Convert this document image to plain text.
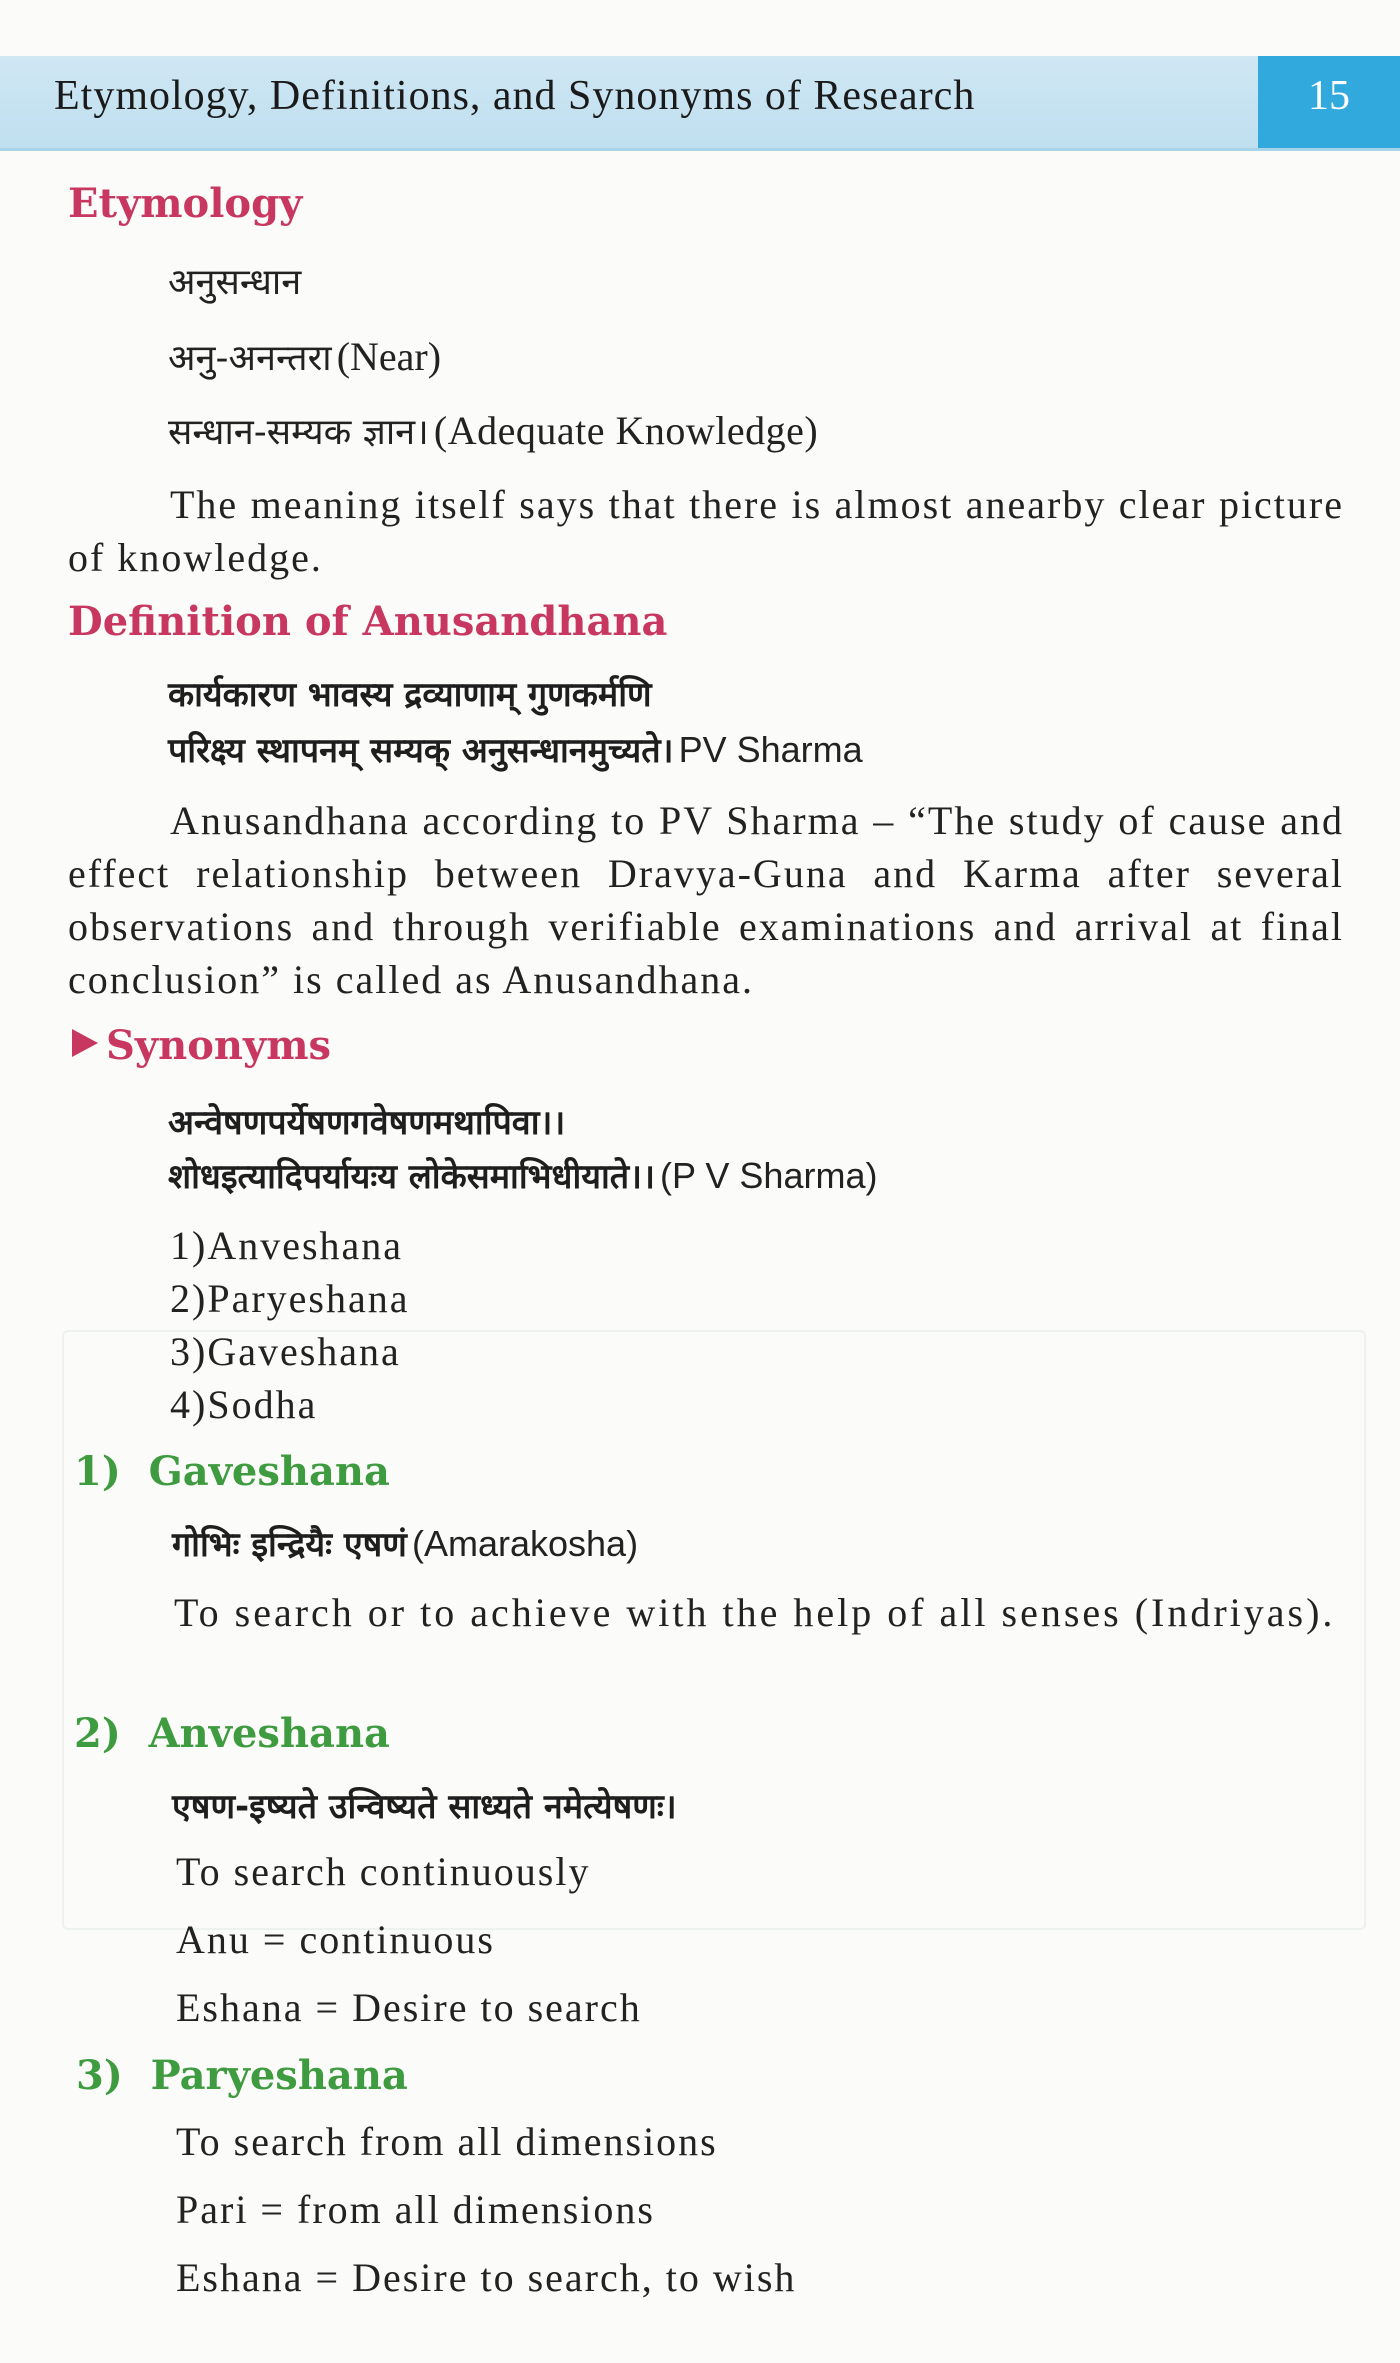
Etymology, Definitions, and Synonyms of Research	15
Etymology
अनुसन्धान
अनु-अनन्तरा (Near)
सन्धान-सम्यक ज्ञान। (Adequate Knowledge)
The meaning itself says that there is almost anearby clear picture of knowledge.
Definition of Anusandhana
कार्यकारण भावस्य द्रव्याणाम् गुणकर्मणि
परिक्ष्य स्थापनम् सम्यक् अनुसन्धानमुच्यते। PV Sharma
Anusandhana according to PV Sharma – “The study of cause and effect relationship between Dravya-Guna and Karma after several observations and through verifiable examinations and arrival at final conclusion” is called as Anusandhana.
Synonyms
अन्वेषणपर्येषणगवेषणमथापिवा।।
शोधइत्यादिपर्यायःय लोकेसमाभिधीयाते।। (P V Sharma)
1)Anveshana
2)Paryeshana
3)Gaveshana
4)Sodha
1)  Gaveshana
गोभिः इन्द्रियैः एषणं (Amarakosha)
To search or to achieve with the help of all senses (Indriyas).
2)  Anveshana
एषण-इष्यते उन्विष्यते साध्यते नमेत्येषणः।
To search continuously
Anu = continuous
Eshana = Desire to search
3)  Paryeshana
To search from all dimensions
Pari = from all dimensions
Eshana = Desire to search, to wish
